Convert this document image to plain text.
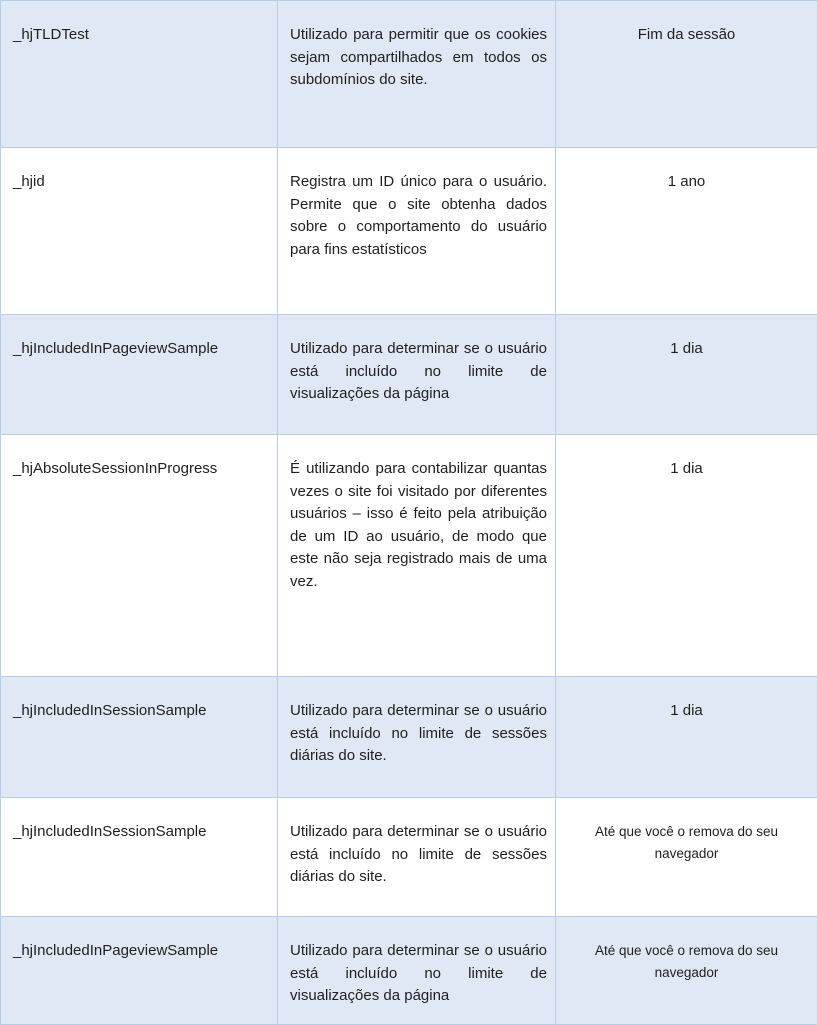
_hjTLDTest	Utilizado para permitir que os cookies sejam compartilhados em todos os subdomínios do site.	Fim da sessão
_hjid	Registra um ID único para o usuário. Permite que o site obtenha dados sobre o comportamento do usuário para fins estatísticos	1 ano
_hjIncludedInPageviewSample	Utilizado para determinar se o usuário está incluído no limite de visualizações da página	1 dia
_hjAbsoluteSessionInProgress	É utilizando para contabilizar quantas vezes o site foi visitado por diferentes usuários – isso é feito pela atribuição de um ID ao usuário, de modo que este não seja registrado mais de uma vez.	1 dia
_hjIncludedInSessionSample	Utilizado para determinar se o usuário está incluído no limite de sessões diárias do site.	1 dia
_hjIncludedInSessionSample	Utilizado para determinar se o usuário está incluído no limite de sessões diárias do site.	Até que você o remova do seu navegador
_hjIncludedInPageviewSample	Utilizado para determinar se o usuário está incluído no limite de visualizações da página	Até que você o remova do seu navegador
